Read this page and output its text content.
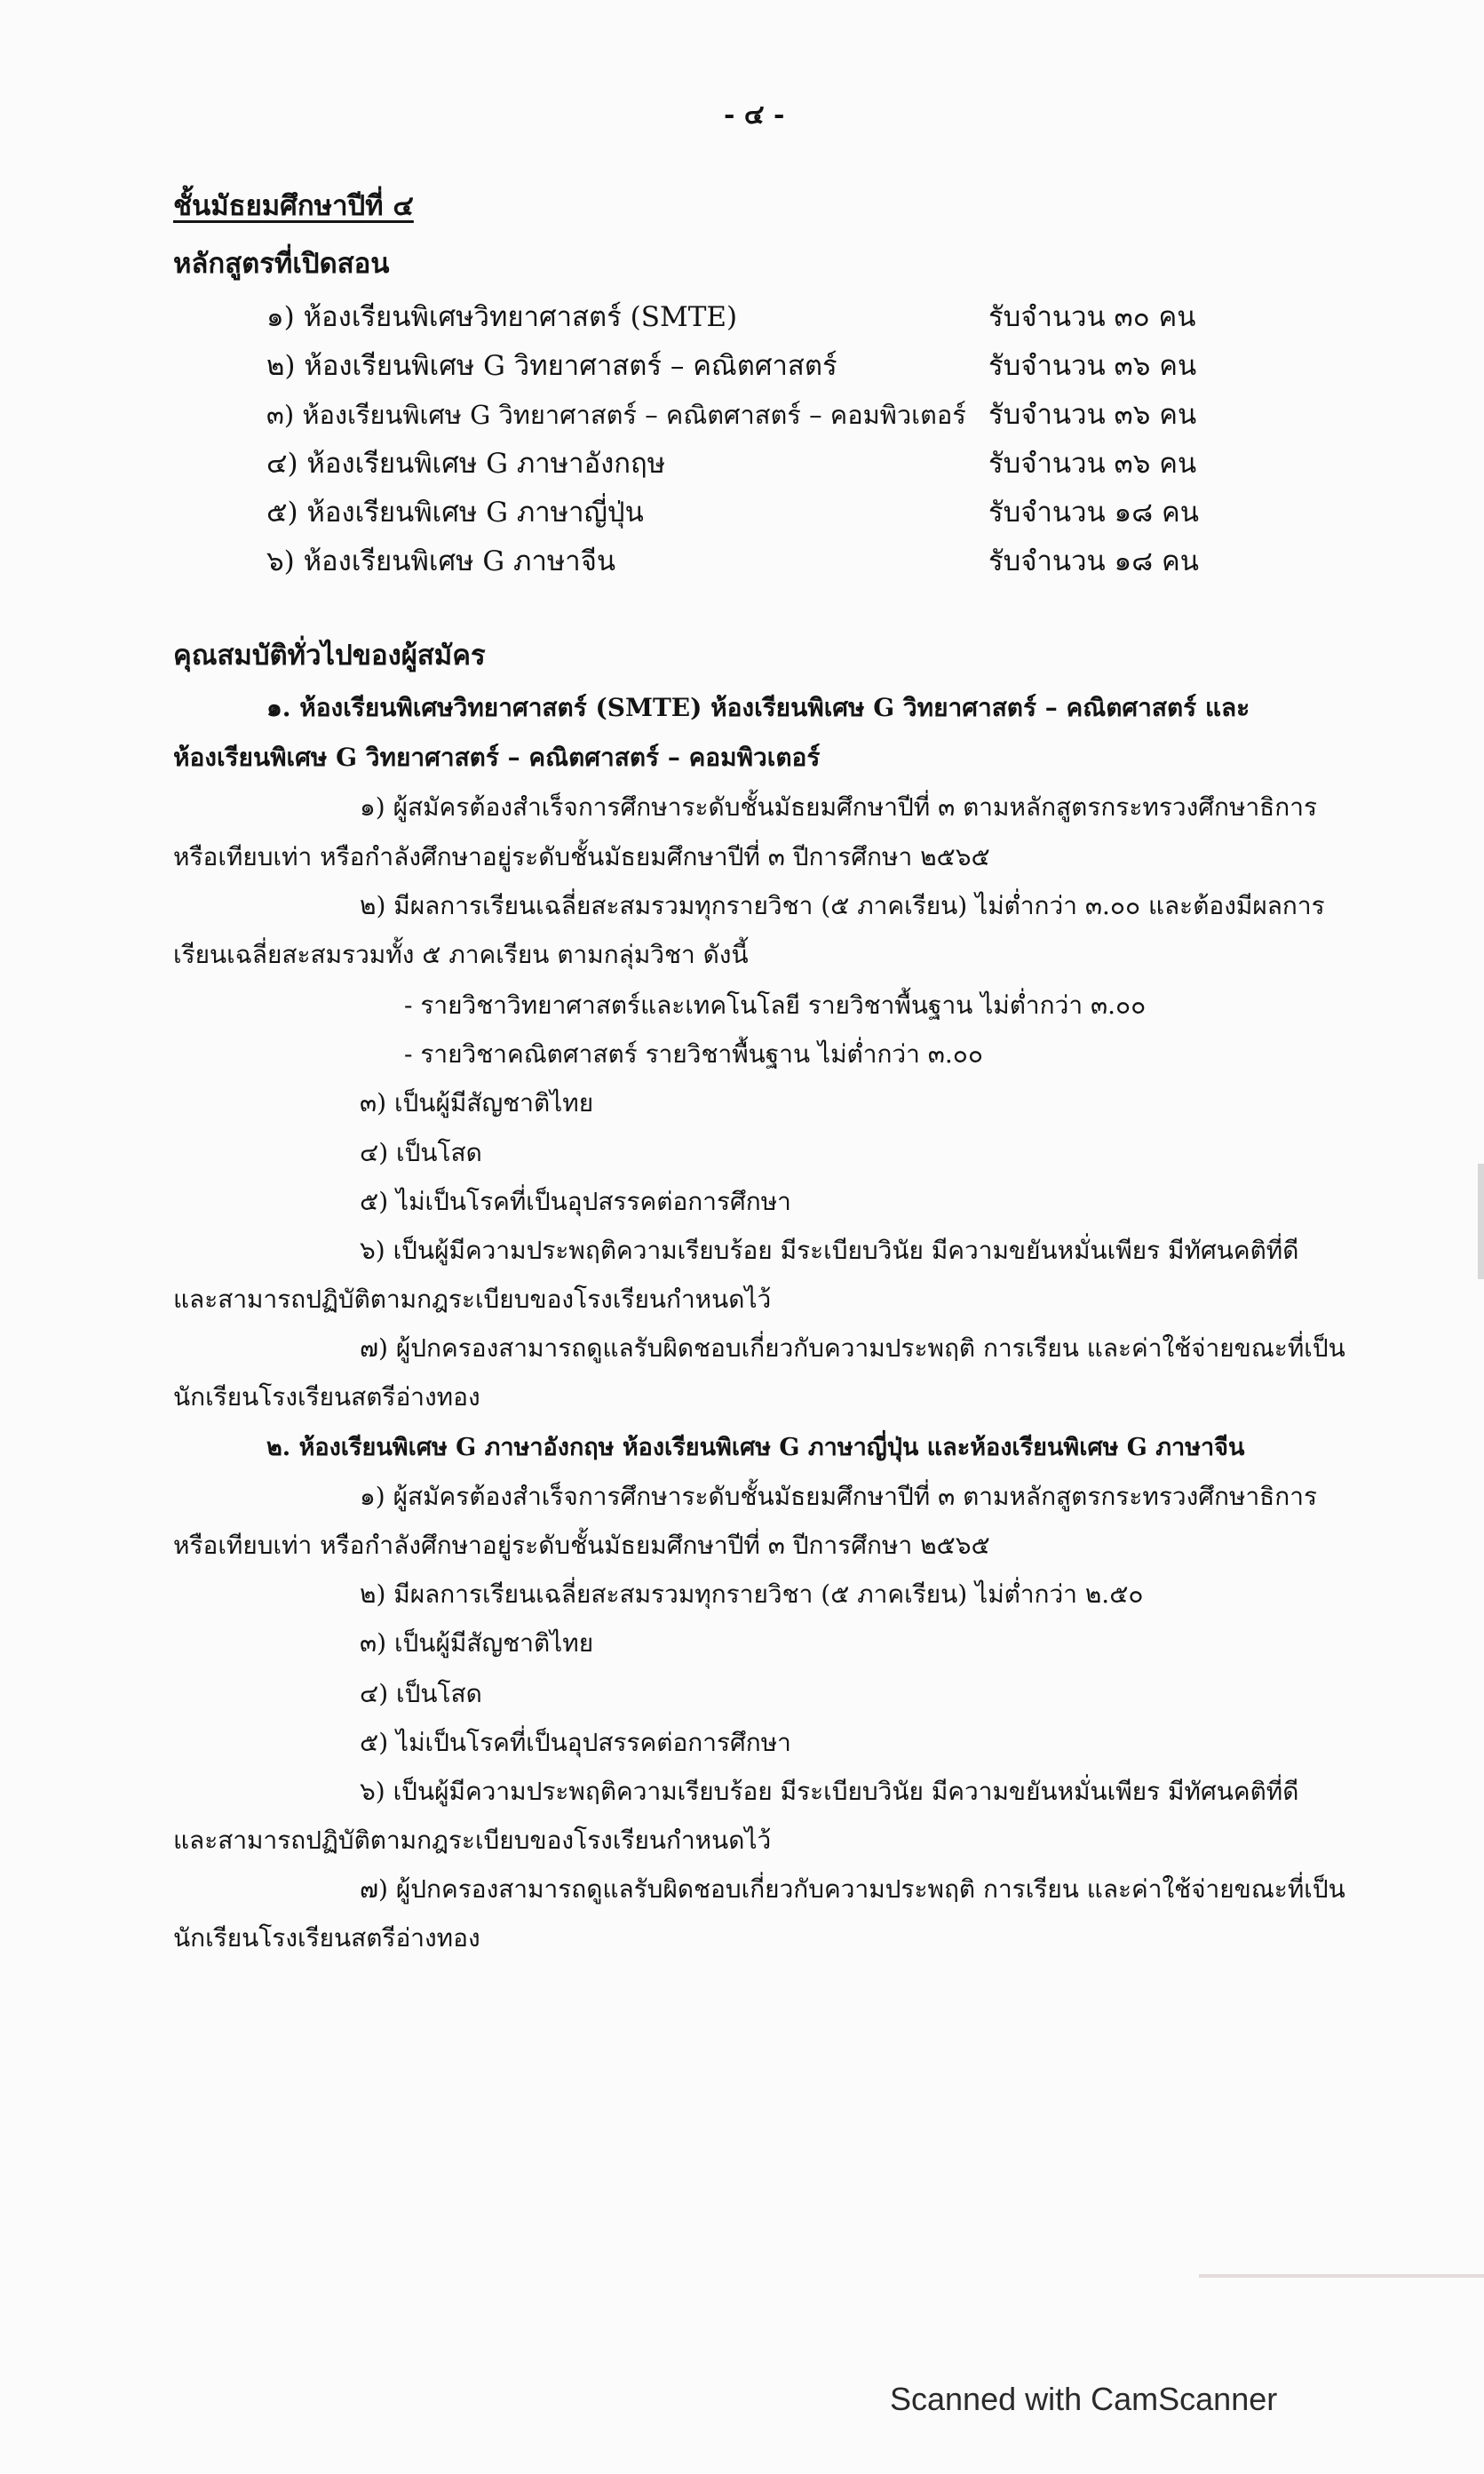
- ๔ -
ชั้นมัธยมศึกษาปีที่ ๔
หลักสูตรที่เปิดสอน
๑) ห้องเรียนพิเศษวิทยาศาสตร์ (SMTE)	รับจำนวน ๓๐ คน
๒) ห้องเรียนพิเศษ G วิทยาศาสตร์ – คณิตศาสตร์	รับจำนวน ๓๖ คน
๓) ห้องเรียนพิเศษ G วิทยาศาสตร์ – คณิตศาสตร์ – คอมพิวเตอร์ รับจำนวน ๓๖ คน
๔) ห้องเรียนพิเศษ G ภาษาอังกฤษ	รับจำนวน ๓๖ คน
๕) ห้องเรียนพิเศษ G ภาษาญี่ปุ่น	รับจำนวน ๑๘ คน
๖) ห้องเรียนพิเศษ G ภาษาจีน	รับจำนวน ๑๘ คน
คุณสมบัติทั่วไปของผู้สมัคร
๑. ห้องเรียนพิเศษวิทยาศาสตร์ (SMTE) ห้องเรียนพิเศษ G วิทยาศาสตร์ – คณิตศาสตร์ และ
ห้องเรียนพิเศษ G วิทยาศาสตร์ – คณิตศาสตร์ – คอมพิวเตอร์
๑) ผู้สมัครต้องสำเร็จการศึกษาระดับชั้นมัธยมศึกษาปีที่ ๓ ตามหลักสูตรกระทรวงศึกษาธิการ
หรือเทียบเท่า หรือกำลังศึกษาอยู่ระดับชั้นมัธยมศึกษาปีที่ ๓ ปีการศึกษา ๒๕๖๕
๒) มีผลการเรียนเฉลี่ยสะสมรวมทุกรายวิชา (๕ ภาคเรียน) ไม่ต่ำกว่า ๓.๐๐ และต้องมีผลการ
เรียนเฉลี่ยสะสมรวมทั้ง ๕ ภาคเรียน ตามกลุ่มวิชา ดังนี้
- รายวิชาวิทยาศาสตร์และเทคโนโลยี รายวิชาพื้นฐาน ไม่ต่ำกว่า ๓.๐๐
- รายวิชาคณิตศาสตร์ รายวิชาพื้นฐาน ไม่ต่ำกว่า ๓.๐๐
๓) เป็นผู้มีสัญชาติไทย
๔) เป็นโสด
๕) ไม่เป็นโรคที่เป็นอุปสรรคต่อการศึกษา
๖) เป็นผู้มีความประพฤติความเรียบร้อย มีระเบียบวินัย มีความขยันหมั่นเพียร มีทัศนคติที่ดี
และสามารถปฏิบัติตามกฎระเบียบของโรงเรียนกำหนดไว้
๗) ผู้ปกครองสามารถดูแลรับผิดชอบเกี่ยวกับความประพฤติ การเรียน และค่าใช้จ่ายขณะที่เป็น
นักเรียนโรงเรียนสตรีอ่างทอง
๒. ห้องเรียนพิเศษ G ภาษาอังกฤษ ห้องเรียนพิเศษ G ภาษาญี่ปุ่น และห้องเรียนพิเศษ G ภาษาจีน
๑) ผู้สมัครต้องสำเร็จการศึกษาระดับชั้นมัธยมศึกษาปีที่ ๓ ตามหลักสูตรกระทรวงศึกษาธิการ
หรือเทียบเท่า หรือกำลังศึกษาอยู่ระดับชั้นมัธยมศึกษาปีที่ ๓ ปีการศึกษา ๒๕๖๕
๒) มีผลการเรียนเฉลี่ยสะสมรวมทุกรายวิชา (๕ ภาคเรียน) ไม่ต่ำกว่า ๒.๕๐
๓) เป็นผู้มีสัญชาติไทย
๔) เป็นโสด
๕) ไม่เป็นโรคที่เป็นอุปสรรคต่อการศึกษา
๖) เป็นผู้มีความประพฤติความเรียบร้อย มีระเบียบวินัย มีความขยันหมั่นเพียร มีทัศนคติที่ดี
และสามารถปฏิบัติตามกฎระเบียบของโรงเรียนกำหนดไว้
๗) ผู้ปกครองสามารถดูแลรับผิดชอบเกี่ยวกับความประพฤติ การเรียน และค่าใช้จ่ายขณะที่เป็น
นักเรียนโรงเรียนสตรีอ่างทอง
Scanned with CamScanner
